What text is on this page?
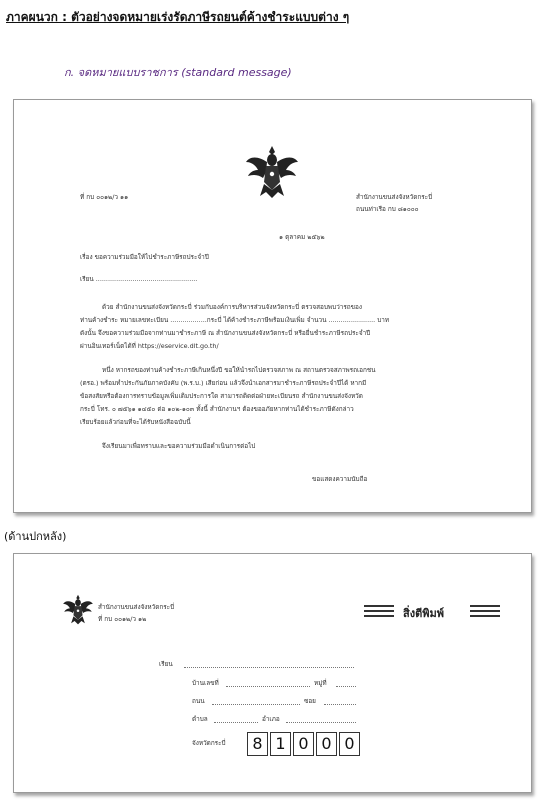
ภาคผนวก : ตัวอย่างจดหมายเร่งรัดภาษีรถยนต์ค้างชำระแบบต่าง ๆ
ก. จดหมายแบบราชการ (standard message)
ที่ กบ ๐๐๑๒/ว ๑๑	สำนักงานขนส่งจังหวัดกระบี่
ถนนท่าเรือ กบ ๘๑๐๐๐
๑ ตุลาคม ๒๕๖๒
เรื่อง ขอความร่วมมือให้ไปชำระภาษีรถประจำปี
เรียน ..................................................
ด้วย สำนักงานขนส่งจังหวัดกระบี่ ร่วมกับองค์การบริหารส่วนจังหวัดกระบี่ ตรวจสอบพบว่ารถของ
ท่านค้างชำระ หมายเลขทะเบียน ..................กระบี่ ได้ค้างชำระภาษีพร้อมเงินเพิ่ม จำนวน ....................... บาท
ดังนั้น จึงขอความร่วมมือจากท่านมาชำระภาษี ณ สำนักงานขนส่งจังหวัดกระบี่ หรือยื่นชำระภาษีรถประจำปี
ผ่านอินเทอร์เน็ตได้ที่ https://eservice.dlt.go.th/
หนึ่ง หากรถของท่านค้างชำระภาษีเกินหนึ่งปี ขอให้นำรถไปตรวจสภาพ ณ สถานตรวจสภาพรถเอกชน
(ตรอ.) พร้อมทำประกันภัยภาคบังคับ (พ.ร.บ.) เสียก่อน แล้วจึงนำเอกสารมาชำระภาษีรถประจำปีได้ หากมี
ข้อสงสัยหรือต้องการทราบข้อมูลเพิ่มเติมประการใด สามารถติดต่อฝ่ายทะเบียนรถ สำนักงานขนส่งจังหวัด
กระบี่ โทร. ๐ ๗๕๖๑ ๑๔๕๐ ต่อ ๑๐๒-๑๐๓ ทั้งนี้ สำนักงานฯ ต้องขออภัยหากท่านได้ชำระภาษีดังกล่าว
เรียบร้อยแล้วก่อนที่จะได้รับหนังสือฉบับนี้
จึงเรียนมาเพื่อทราบและขอความร่วมมือดำเนินการต่อไป
ขอแสดงความนับถือ
(ด้านปกหลัง)
สำนักงานขนส่งจังหวัดกระบี่
ที่ กบ ๐๐๑๒/ว ๑๒	สิ่งตีพิมพ์
เรียน
บ้านเลขที่	หมู่ที่
ถนน	ซอย
ตำบล	อำเภอ
จังหวัดกระบี่	8 1 0 0 0
